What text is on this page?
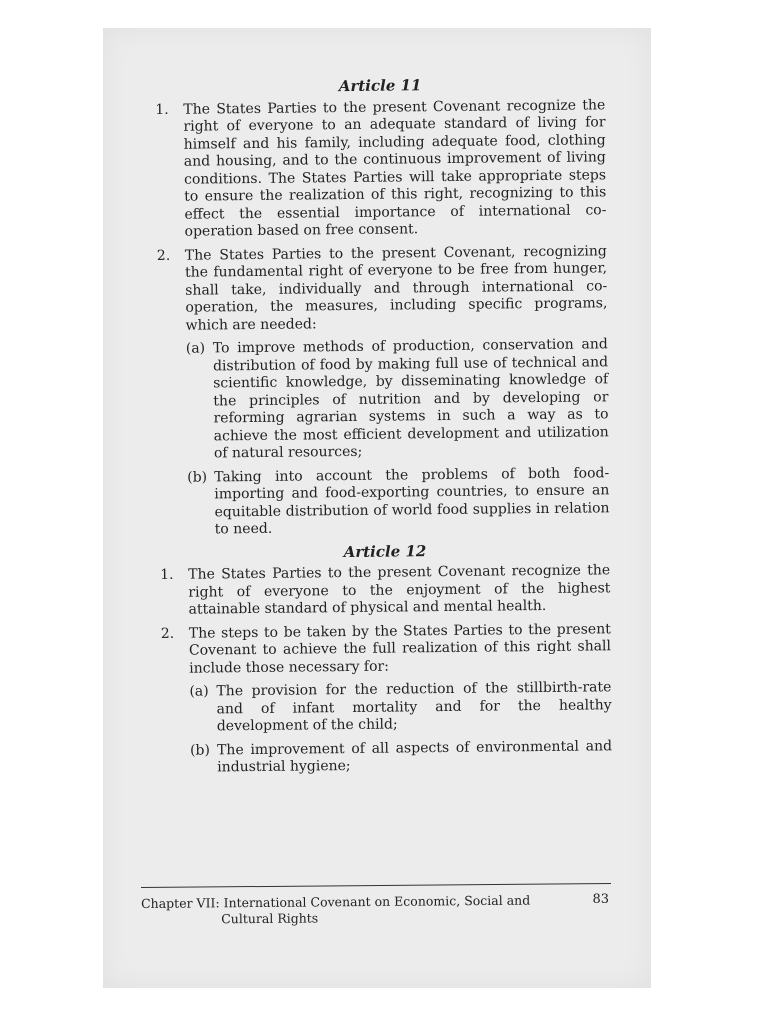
Article 11
1.	The States Parties to the present Covenant recognize the right of everyone to an adequate standard of living for himself and his family, including adequate food, clothing and housing, and to the continuous improvement of living conditions. The States Parties will take appropriate steps to ensure the realization of this right, recognizing to this effect the essential importance of international co-operation based on free consent.
2.	The States Parties to the present Covenant, recognizing the fundamental right of everyone to be free from hunger, shall take, individually and through international co-operation, the measures, including specific programs, which are needed:
(a) To improve methods of production, conservation and distribution of food by making full use of technical and scientific knowledge, by disseminating knowledge of the principles of nutrition and by developing or reforming agrarian systems in such a way as to achieve the most efficient development and utilization of natural resources;
(b) Taking into account the problems of both food-importing and food-exporting countries, to ensure an equitable distribution of world food supplies in relation to need.
Article 12
1.	The States Parties to the present Covenant recognize the right of everyone to the enjoyment of the highest attainable standard of physical and mental health.
2.	The steps to be taken by the States Parties to the present Covenant to achieve the full realization of this right shall include those necessary for:
(a) The provision for the reduction of the stillbirth-rate and of infant mortality and for the healthy development of the child;
(b) The improvement of all aspects of environmental and industrial hygiene;
Chapter VII: International Covenant on Economic, Social and
Cultural Rights
83
